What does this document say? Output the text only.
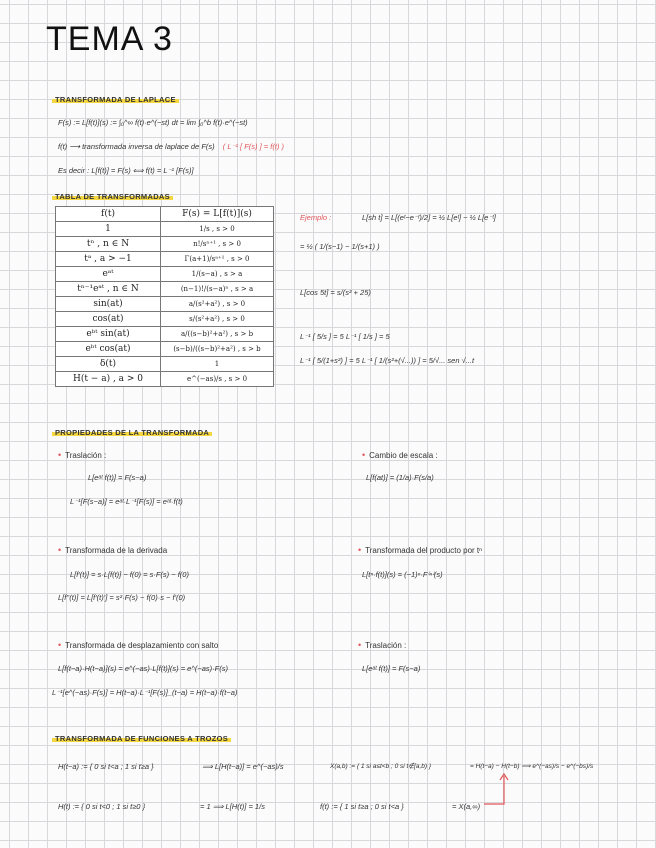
TEMA 3
TRANSFORMADA DE LAPLACE
F(s) := L[f(t)](s) := ∫₀^∞ f(t)·e^(−st) dt = lim ∫₀^b f(t)·e^(−st)
f(t) ⟶ transformada inversa de laplace de F(s) ( L⁻¹ [ F(s) ] = f(t) )
Es decir : L[f(t)] = F(s) ⟺ f(t) = L⁻¹ [F(s)]
TABLA DE TRANSFORMADAS
f(t)	F(s) = L[f(t)](s)
1	1/s , s > 0
tⁿ , n ∈ N	n!/sⁿ⁺¹ , s > 0
tᵃ , a > −1	Γ(a+1)/sᵃ⁺¹ , s > 0
eᵃᵗ	1/(s−a) , s > a
tⁿ⁻¹eᵃᵗ , n ∈ N	(n−1)!/(s−a)ⁿ , s > a
sin(at)	a/(s²+a²) , s > 0
cos(at)	s/(s²+a²) , s > 0
eᵇᵗ sin(at)	a/((s−b)²+a²) , s > b
eᵇᵗ cos(at)	(s−b)/((s−b)²+a²) , s > b
δ(t)	1
H(t − a) , a > 0	e^(−as)/s , s > 0
Ejemplo :	L[sh t] = L[(eᵗ−e⁻ᵗ)/2] = ½ L[eᵗ] − ½ L[e⁻ᵗ]
= ½ ( 1/(s−1) − 1/(s+1) )
L[cos 5t] = s/(s² + 25)
L⁻¹ [ 5/s ] = 5 L⁻¹ [ 1/s ] = 5
L⁻¹ [ 5/(1+s²) ] = 5 L⁻¹ [ 1/(s²+(√...)) ] = 5/√... sen √...t
PROPIEDADES DE LA TRANSFORMADA
• Traslación :
L[eᵃᵗ f(t)] = F(s−a)
L⁻¹[F(s−a)] = eᵃᵗ·L⁻¹[F(s)] = eᵃᵗ·f(t)
• Cambio de escala :
L[f(at)] = (1/a)·F(s/a)
• Transformada de la derivada
L[f'(t)] = s·L[f(t)] − f(0) = s·F(s) − f(0)
L[f''(t)] = L[f'(t)'] = s²·F(s) − f(0)·s − f'(0)
• Transformada del producto por tⁿ
L[tⁿ·f(t)](s) = (−1)ⁿ·F⁽ⁿ⁾(s)
• Transformada de desplazamiento con salto
L[f(t−a)·H(t−a)](s) = e^(−as)·L[f(t)](s) = e^(−as)·F(s)
L⁻¹[e^(−as)·F(s)] = H(t−a)·L⁻¹[F(s)]_(t−a) = H(t−a)·f(t−a)
• Traslación :
L[eᵃᵗ f(t)] = F(s−a)
TRANSFORMADA DE FUNCIONES A TROZOS
H(t−a) := { 0 si t<a ; 1 si t≥a }	⟹ L[H(t−a)] = e^(−as)/s	X(a,b) := { 1 si a≤t<b ; 0 si t∉[a,b) }	= H(t−a) − H(t−b) ⟹ e^(−as)/s − e^(−bs)/s
H(t) := { 0 si t<0 ; 1 si t≥0 }	= 1 ⟹ L[H(t)] = 1/s	f(t) := { 1 si t≥a ; 0 si t<a }	= X(a,∞)
